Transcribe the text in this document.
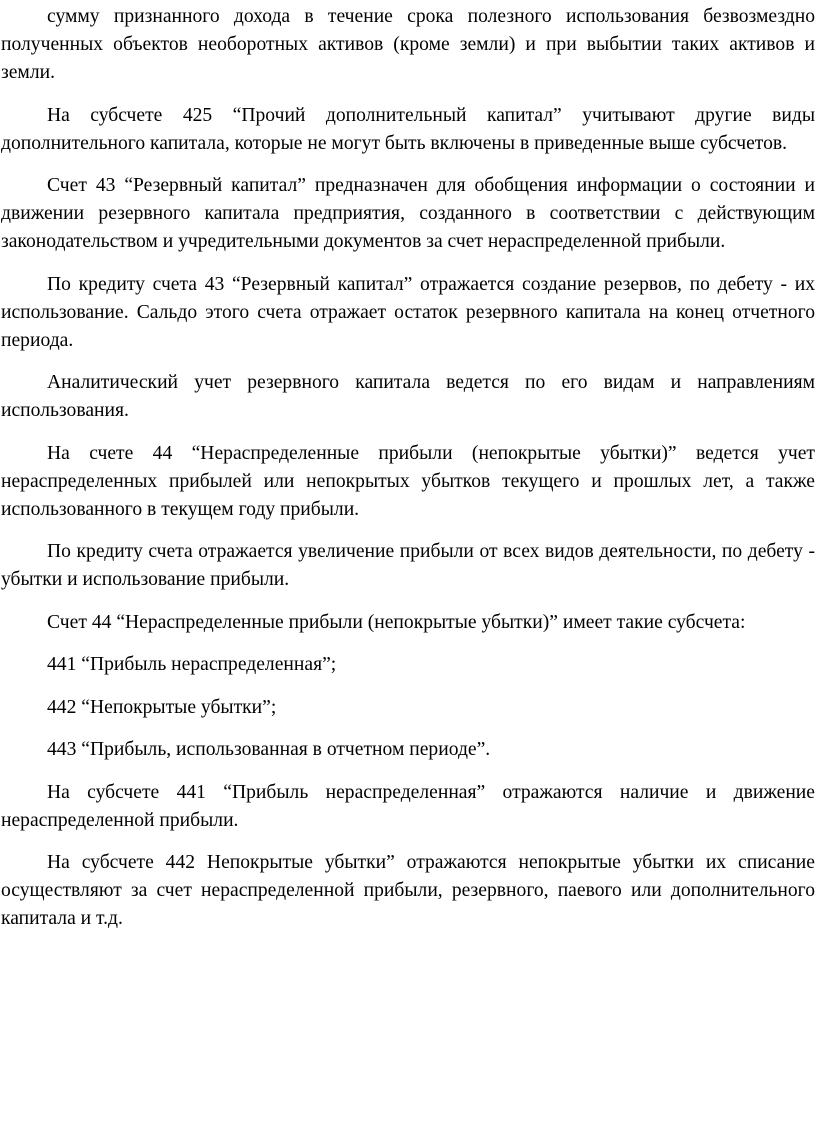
сумму признанного дохода в течение срока полезного использования безвозмездно полученных объектов необоротных активов (кроме земли) и при выбытии таких активов и земли.

На субсчете 425 “Прочий дополнительный капитал” учитывают другие виды дополнительного капитала, которые не могут быть включены в приведенные выше субсчетов.

Счет 43 “Резервный капитал” предназначен для обобщения информации о состоянии и движении резервного капитала предприятия, созданного в соответствии с действующим законодательством и учредительными документов за счет нераспределенной прибыли.

По кредиту счета 43 “Резервный капитал” отражается создание резервов, по дебету - их использование. Сальдо этого счета отражает остаток резервного капитала на конец отчетного периода.

Аналитический учет резервного капитала ведется по его видам и направлениям использования.

На счете 44 “Нераспределенные прибыли (непокрытые убытки)” ведется учет нераспределенных прибылей или непокрытых убытков текущего и прошлых лет, а также использованного в текущем году прибыли.

По кредиту счета отражается увеличение прибыли от всех видов деятельности, по дебету - убытки и использование прибыли.

Счет 44 “Нераспределенные прибыли (непокрытые убытки)” имеет такие субсчета:

441 “Прибыль нераспределенная”;

442 “Непокрытые убытки”;

443 “Прибыль, использованная в отчетном периоде”.

На субсчете 441 “Прибыль нераспределенная” отражаются наличие и движение нераспределенной прибыли.

На субсчете 442 Непокрытые убытки” отражаются непокрытые убытки их списание осуществляют за счет нераспределенной прибыли, резервного, паевого или дополнительного капитала и т.д.
